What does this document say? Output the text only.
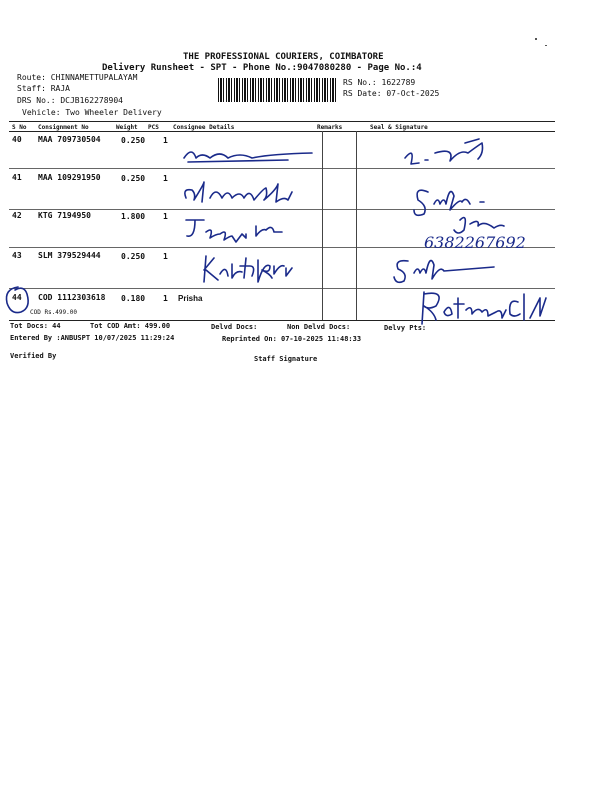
THE PROFESSIONAL COURIERS, COIMBATORE
Delivery Runsheet - SPT - Phone No.:9047080280 - Page No.:4
Route: CHINNAMETTUPALAYAM
Staff: RAJA
DRS No.: DCJB162278904
Vehicle: Two Wheeler Delivery
RS No.: 1622789
RS Date: 07-Oct-2025
S No Consignment No	Weight PCS Consignee Details	Remarks	Seal & Signature
40 MAA 709730504	0.250 1
41 MAA 109291950	0.250 1
42 KTG 7194950	1.800 1
6382267692
43 SLM 379529444	0.250 1
44 COD 1112303618 0.180 1 Prisha
COD Rs.499.00
Tot Docs: 44	Tot COD Amt: 499.00	Delvd Docs:	Non Delvd Docs:	Delvy Pts:
Entered By :ANBUSPT 10/07/2025 11:29:24	Reprinted On: 07-10-2025 11:48:33
Verified By	Staff Signature
